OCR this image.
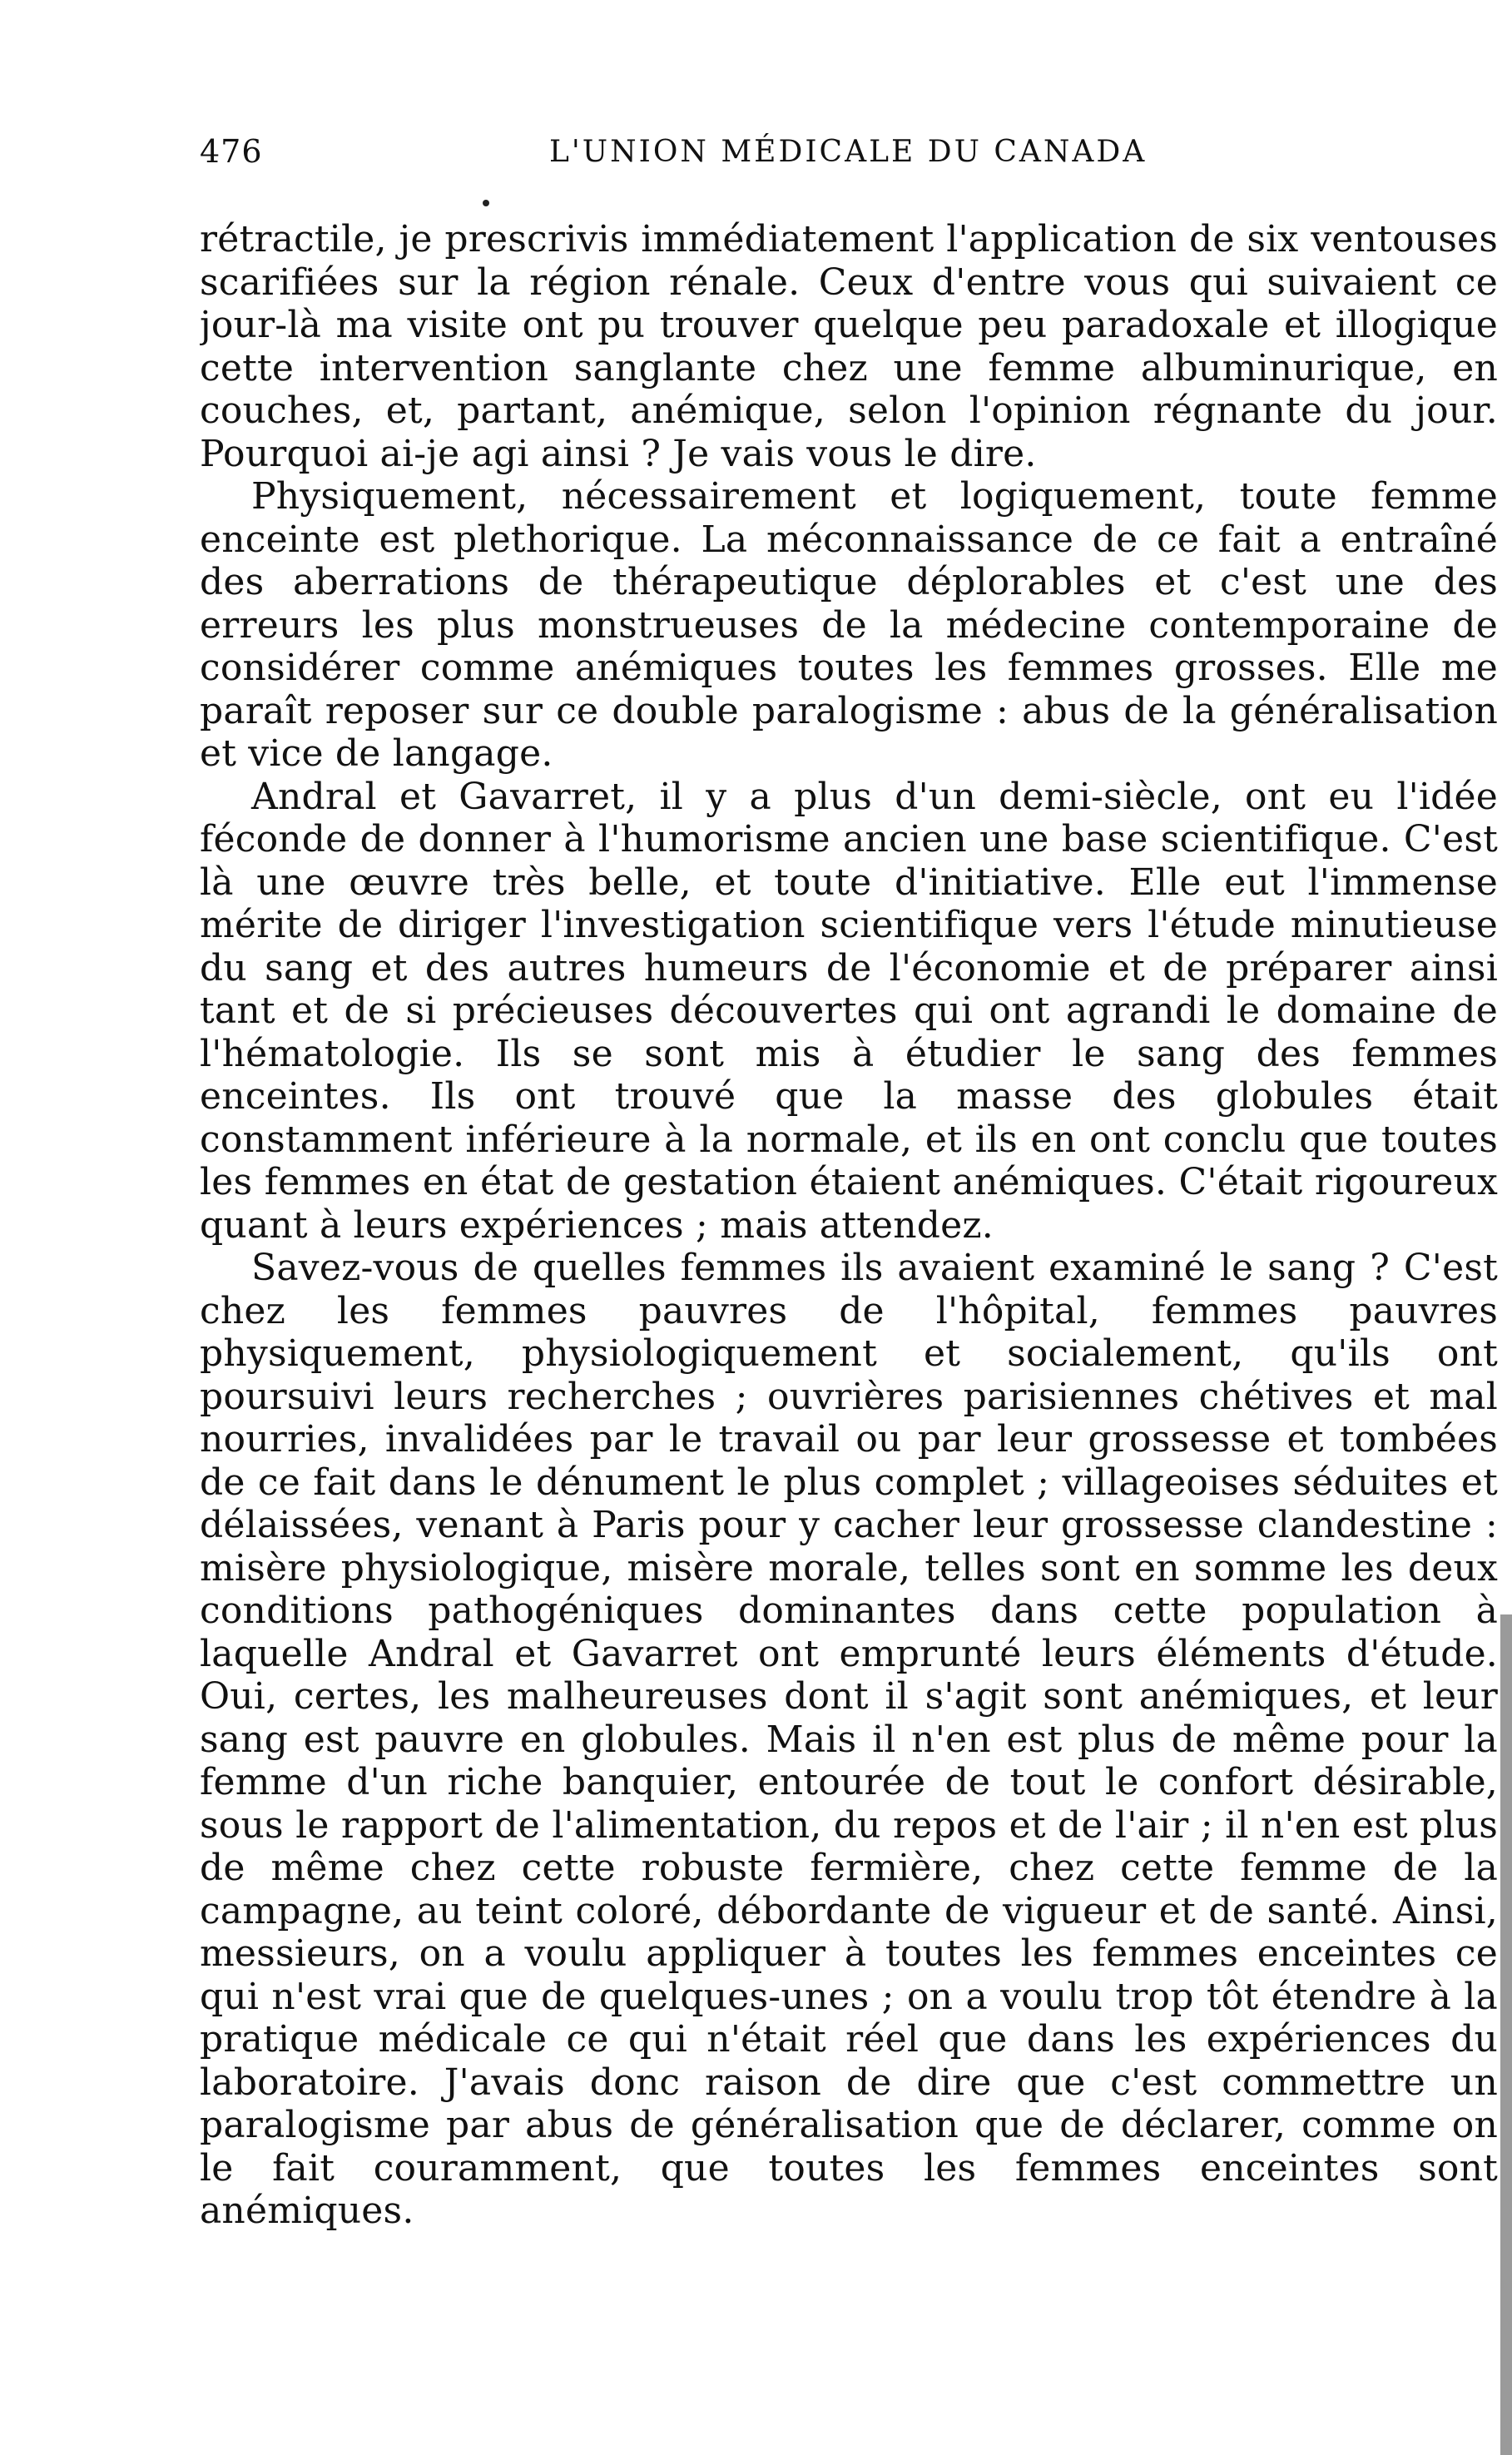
476	L'UNION MÉDICALE DU CANADA

rétractile, je prescrivis immédiatement l'application de six ventouses scarifiées sur la région rénale. Ceux d'entre vous qui suivaient ce jour-là ma visite ont pu trouver quelque peu paradoxale et illogique cette intervention sanglante chez une femme albuminurique, en couches, et, partant, anémique, selon l'opinion régnante du jour. Pourquoi ai-je agi ainsi ? Je vais vous le dire.

Physiquement, nécessairement et logiquement, toute femme enceinte est plethorique. La méconnaissance de ce fait a entraîné des aberrations de thérapeutique déplorables et c'est une des erreurs les plus monstrueuses de la médecine contemporaine de considérer comme anémiques toutes les femmes grosses. Elle me paraît reposer sur ce double paralogisme : abus de la généralisation et vice de langage.

Andral et Gavarret, il y a plus d'un demi-siècle, ont eu l'idée féconde de donner à l'humorisme ancien une base scientifique. C'est là une œuvre très belle, et toute d'initiative. Elle eut l'immense mérite de diriger l'investigation scientifique vers l'étude minutieuse du sang et des autres humeurs de l'économie et de préparer ainsi tant et de si précieuses découvertes qui ont agrandi le domaine de l'hématologie. Ils se sont mis à étudier le sang des femmes enceintes. Ils ont trouvé que la masse des globules était constamment inférieure à la normale, et ils en ont conclu que toutes les femmes en état de gestation étaient anémiques. C'était rigoureux quant à leurs expériences ; mais attendez.

Savez-vous de quelles femmes ils avaient examiné le sang ? C'est chez les femmes pauvres de l'hôpital, femmes pauvres physiquement, physiologiquement et socialement, qu'ils ont poursuivi leurs recherches ; ouvrières parisiennes chétives et mal nourries, invalidées par le travail ou par leur grossesse et tombées de ce fait dans le dénument le plus complet ; villageoises séduites et délaissées, venant à Paris pour y cacher leur grossesse clandestine : misère physiologique, misère morale, telles sont en somme les deux conditions pathogéniques dominantes dans cette population à laquelle Andral et Gavarret ont emprunté leurs éléments d'étude. Oui, certes, les malheureuses dont il s'agit sont anémiques, et leur sang est pauvre en globules. Mais il n'en est plus de même pour la femme d'un riche banquier, entourée de tout le confort désirable, sous le rapport de l'alimentation, du repos et de l'air ; il n'en est plus de même chez cette robuste fermière, chez cette femme de la campagne, au teint coloré, débordante de vigueur et de santé. Ainsi, messieurs, on a voulu appliquer à toutes les femmes enceintes ce qui n'est vrai que de quelques-unes ; on a voulu trop tôt étendre à la pratique médicale ce qui n'était réel que dans les expériences du laboratoire. J'avais donc raison de dire que c'est commettre un paralogisme par abus de généralisation que de déclarer, comme on le fait couramment, que toutes les femmes enceintes sont anémiques.
